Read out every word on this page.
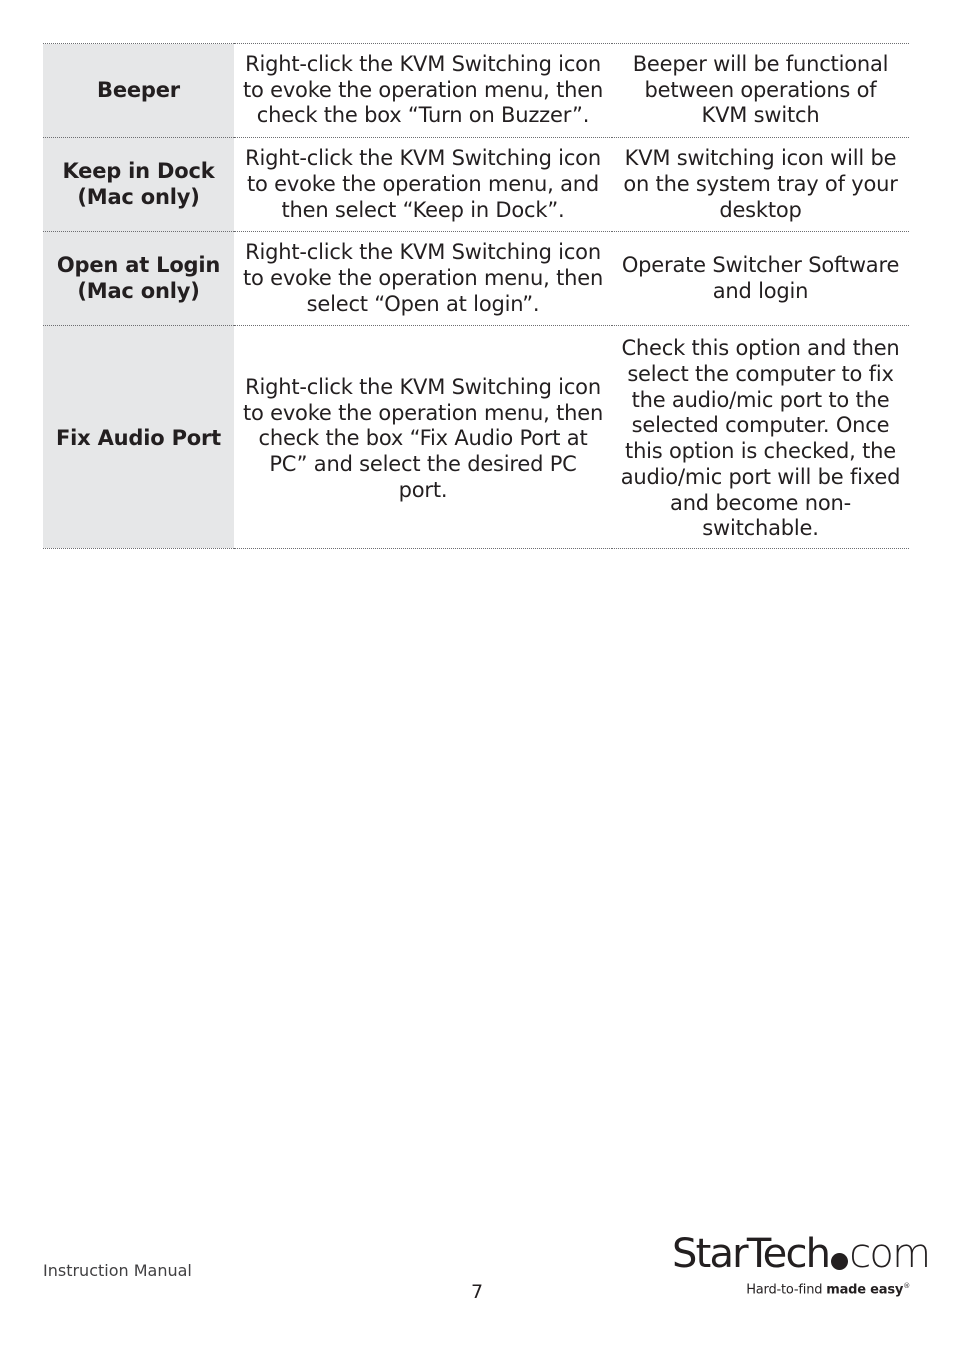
Beeper	Right-click the KVM Switching icon to evoke the operation menu, then check the box “Turn on Buzzer”.	Beeper will be functional between operations of KVM switch
Keep in Dock (Mac only)	Right-click the KVM Switching icon to evoke the operation menu, and then select “Keep in Dock”.	KVM switching icon will be on the system tray of your desktop
Open at Login (Mac only)	Right-click the KVM Switching icon to evoke the operation menu, then select “Open at login”.	Operate Switcher Software and login
Fix Audio Port	Right-click the KVM Switching icon to evoke the operation menu, then check the box “Fix Audio Port at PC” and select the desired PC port.	Check this option and then select the computer to fix the audio/mic port to the selected computer. Once this option is checked, the audio/mic port will be fixed and become non-switchable.
Instruction Manual
7
StarTech com
Hard-to-find made easy®
